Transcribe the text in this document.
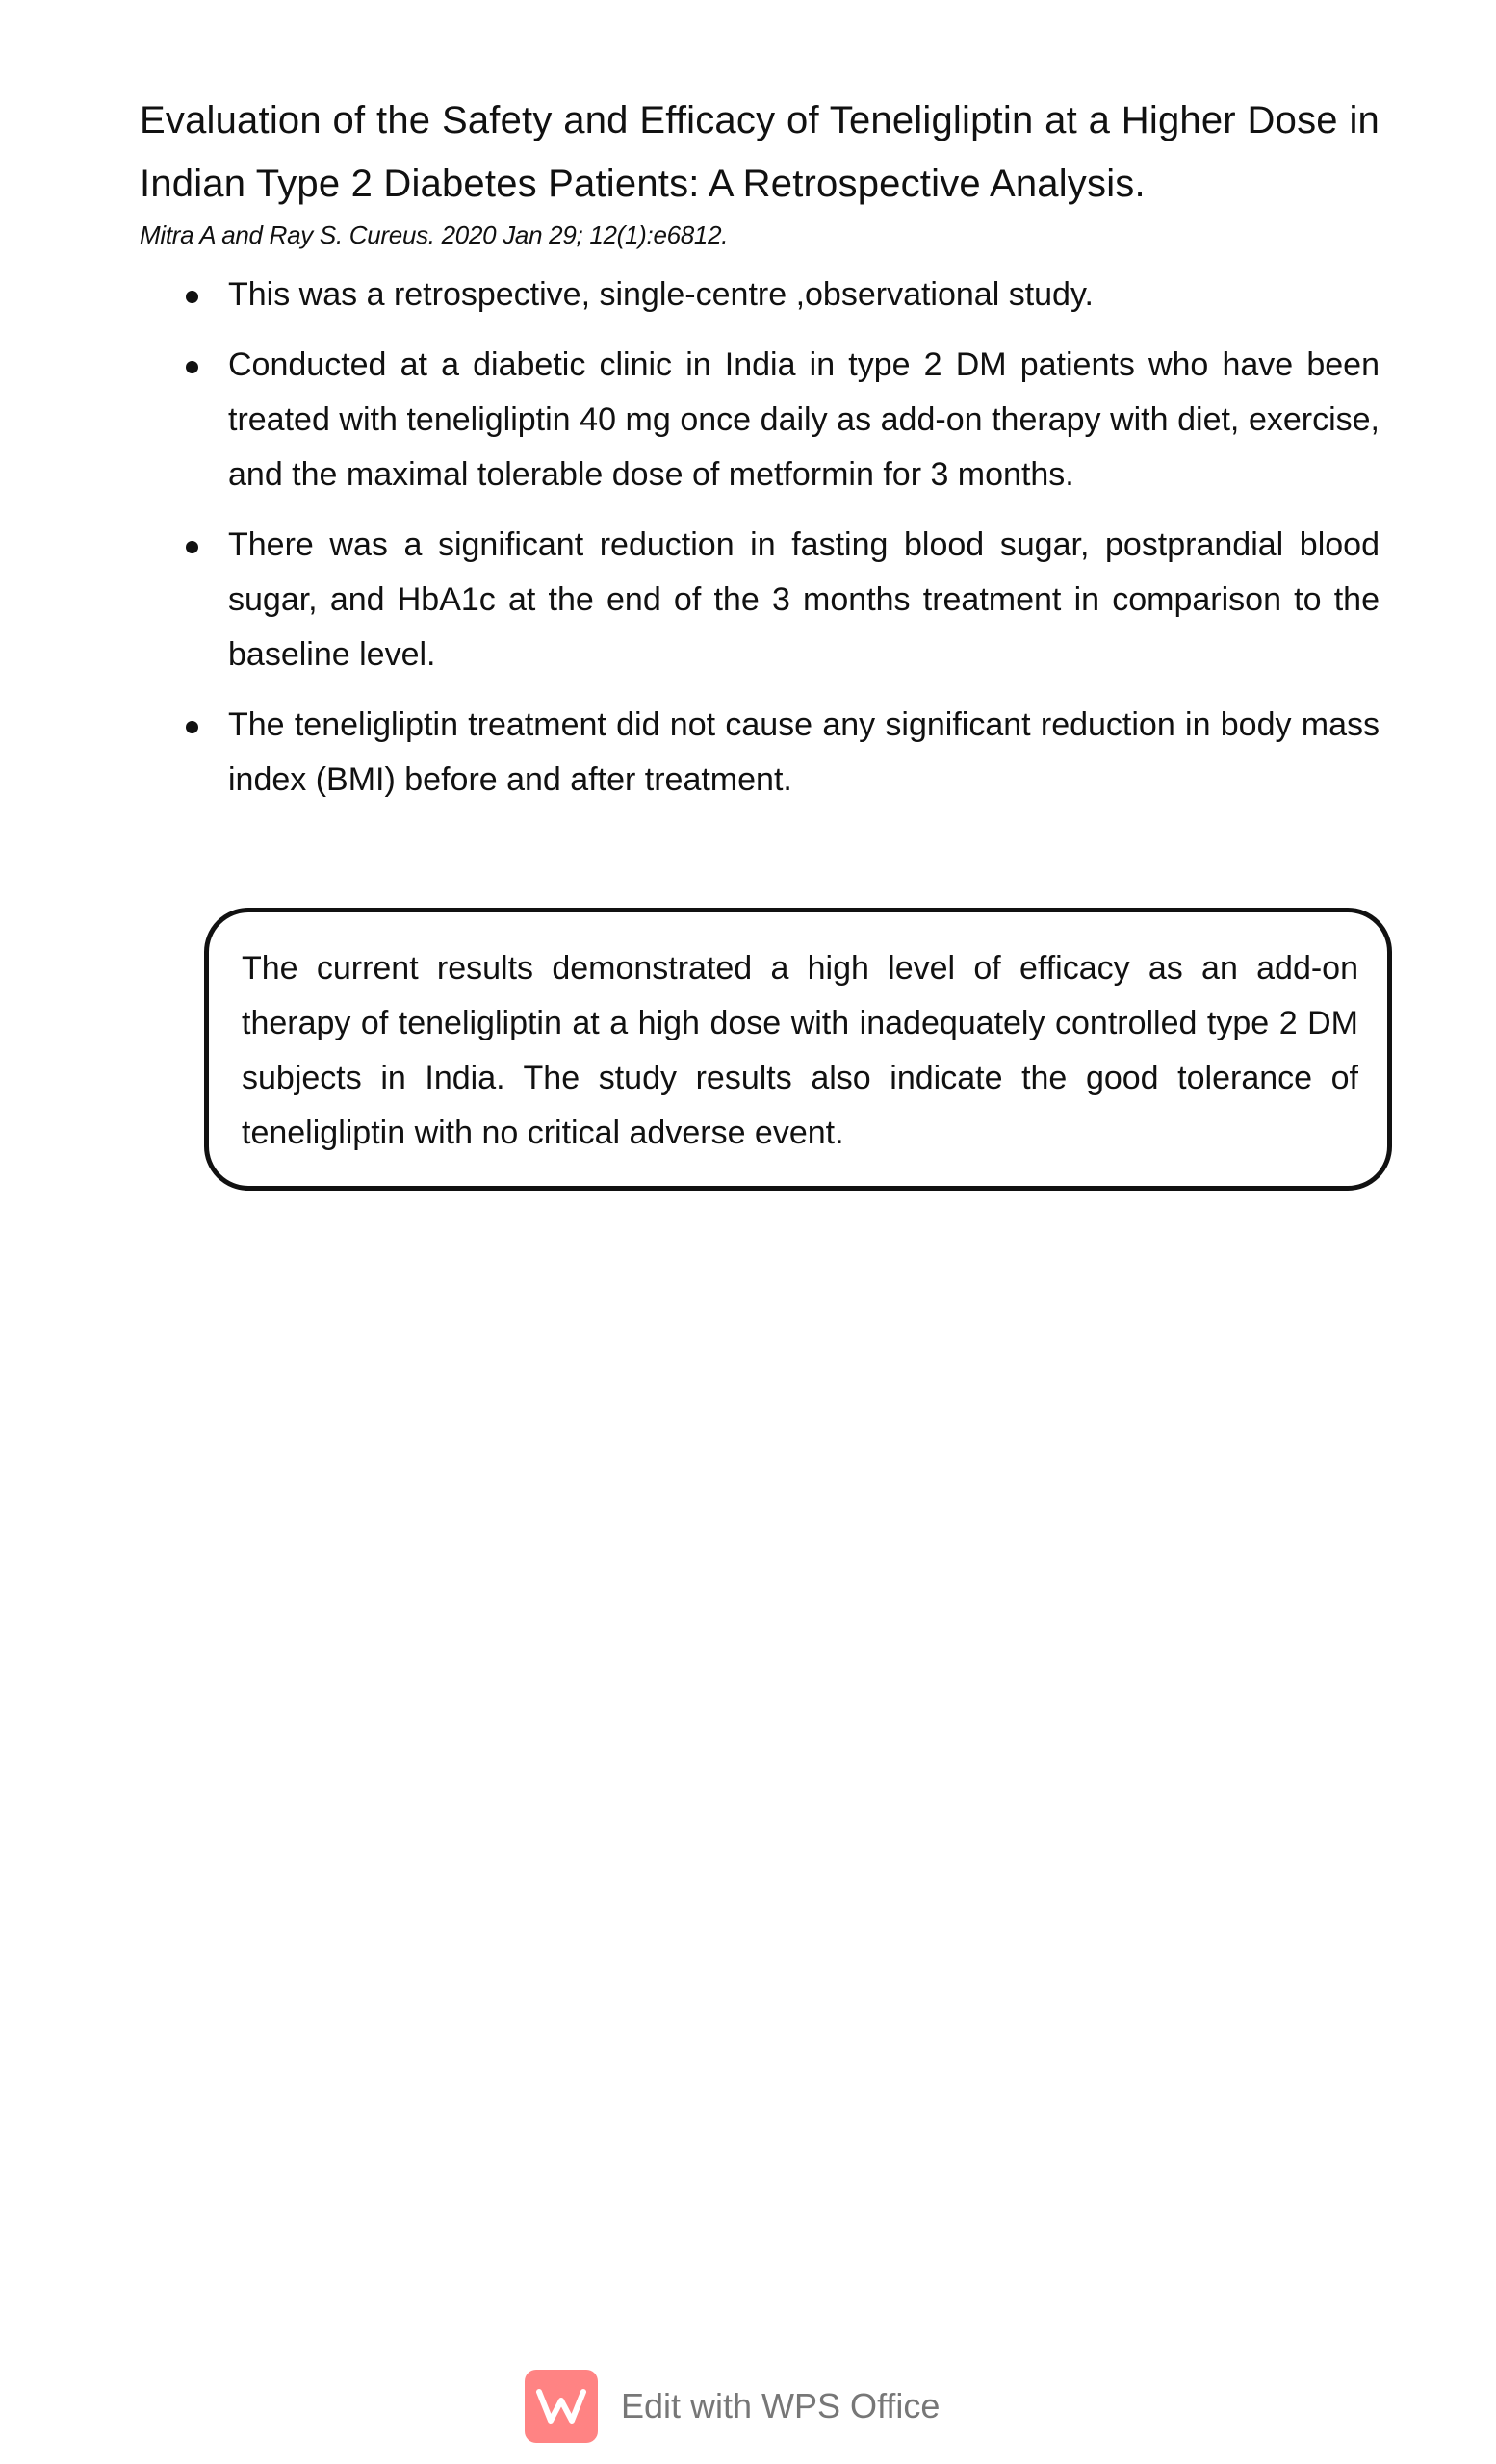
Evaluation of the Safety and Efficacy of Teneligliptin at a Higher Dose in Indian Type 2 Diabetes Patients: A Retrospective Analysis.
Mitra A and Ray S. Cureus. 2020 Jan 29; 12(1):e6812.
This was a retrospective, single-centre ,observational study.
Conducted at a diabetic clinic in India in type 2 DM patients who have been treated with teneligliptin 40 mg once daily as add-on therapy with diet, exercise, and the maximal tolerable dose of metformin for 3 months.
There was a significant reduction in fasting blood sugar, postprandial blood sugar, and HbA1c at the end of the 3 months treatment in comparison to the baseline level.
The teneligliptin treatment did not cause any significant reduction in body mass index (BMI) before and after treatment.
The current results demonstrated a high level of efficacy as an add-on therapy of teneligliptin at a high dose with inadequately controlled type 2 DM subjects in India. The study results also indicate the good tolerance of teneligliptin with no critical adverse event.
Edit with WPS Office
